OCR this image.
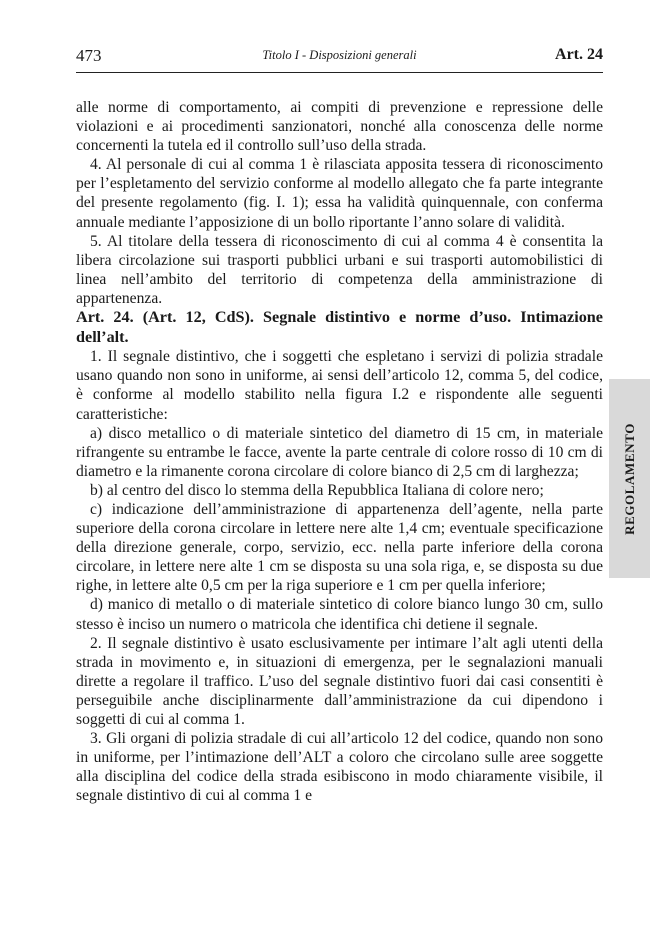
473	Titolo I - Disposizioni generali	Art. 24

alle norme di comportamento, ai compiti di prevenzione e repressione delle violazioni e ai procedimenti sanzionatori, nonché alla conoscenza delle norme concernenti la tutela ed il controllo sull’uso della strada.

4. Al personale di cui al comma 1 è rilasciata apposita tessera di riconoscimento per l’espletamento del servizio conforme al modello allegato che fa parte integrante del presente regolamento (fig. I. 1); essa ha validità quinquennale, con conferma annuale mediante l’apposizione di un bollo riportante l’anno solare di validità.

5. Al titolare della tessera di riconoscimento di cui al comma 4 è consentita la libera circolazione sui trasporti pubblici urbani e sui trasporti automobilistici di linea nell’ambito del territorio di competenza della amministrazione di appartenenza.

Art. 24. (Art. 12, CdS). Segnale distintivo e norme d’uso. Intimazione dell’alt.

1. Il segnale distintivo, che i soggetti che espletano i servizi di polizia stradale usano quando non sono in uniforme, ai sensi dell’articolo 12, comma 5, del codice, è conforme al modello stabilito nella figura I.2 e rispondente alle seguenti caratteristiche:

a) disco metallico o di materiale sintetico del diametro di 15 cm, in materiale rifrangente su entrambe le facce, avente la parte centrale di colore rosso di 10 cm di diametro e la rimanente corona circolare di colore bianco di 2,5 cm di larghezza;

b) al centro del disco lo stemma della Repubblica Italiana di colore nero;

c) indicazione dell’amministrazione di appartenenza dell’agente, nella parte superiore della corona circolare in lettere nere alte 1,4 cm; eventuale specificazione della direzione generale, corpo, servizio, ecc. nella parte inferiore della corona circolare, in lettere nere alte 1 cm se disposta su una sola riga, e, se disposta su due righe, in lettere alte 0,5 cm per la riga superiore e 1 cm per quella inferiore;

d) manico di metallo o di materiale sintetico di colore bianco lungo 30 cm, sullo stesso è inciso un numero o matricola che identifica chi detiene il segnale.

2. Il segnale distintivo è usato esclusivamente per intimare l’alt agli utenti della strada in movimento e, in situazioni di emergenza, per le segnalazioni manuali dirette a regolare il traffico. L’uso del segnale distintivo fuori dai casi consentiti è perseguibile anche disciplinarmente dall’amministrazione da cui dipendono i soggetti di cui al comma 1.

3. Gli organi di polizia stradale di cui all’articolo 12 del codice, quando non sono in uniforme, per l’intimazione dell’ALT a coloro che circolano sulle aree soggette alla disciplina del codice della strada esibiscono in modo chiaramente visibile, il segnale distintivo di cui al comma 1 e

REGOLAMENTO
